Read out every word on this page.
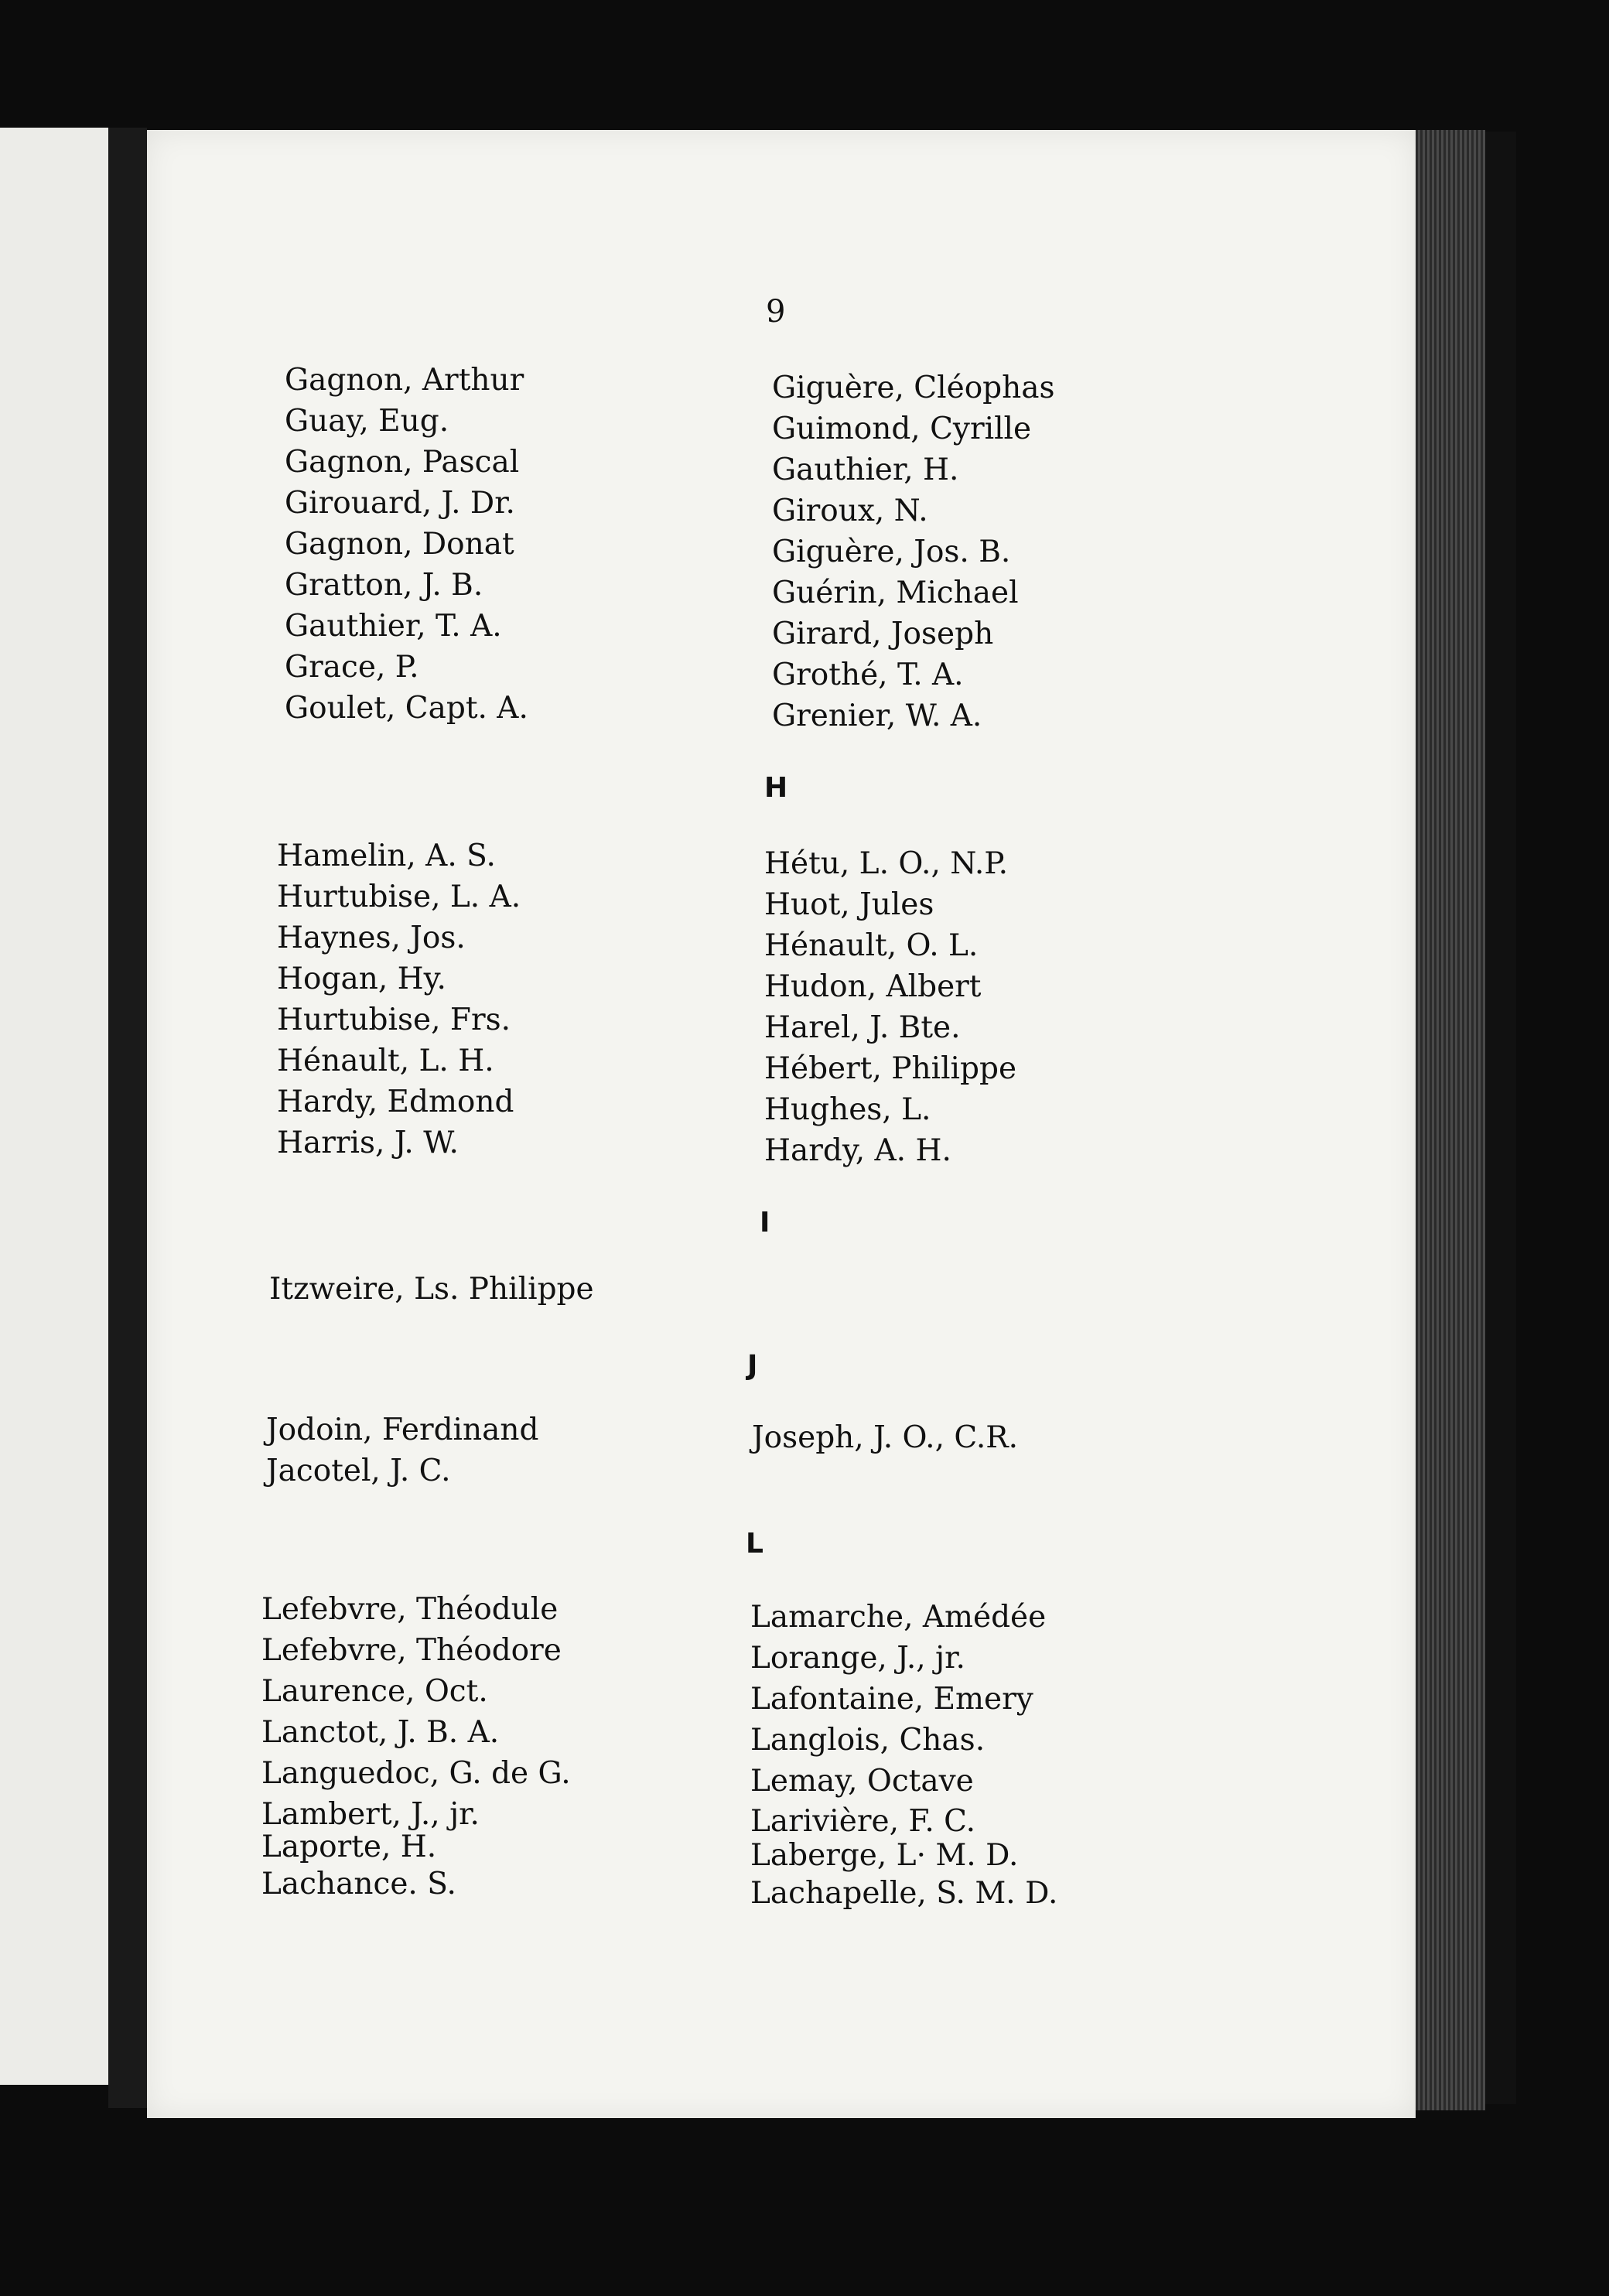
9
Gagnon, Arthur
Guay, Eug.
Gagnon, Pascal
Girouard, J. Dr.
Gagnon, Donat
Gratton, J. B.
Gauthier, T. A.
Grace, P.
Goulet, Capt. A.
Giguère, Cléophas
Guimond, Cyrille
Gauthier, H.
Giroux, N.
Giguère, Jos. B.
Guérin, Michael
Girard, Joseph
Grothé, T. A.
Grenier, W. A.
H
Hamelin, A. S.
Hurtubise, L. A.
Haynes, Jos.
Hogan, Hy.
Hurtubise, Frs.
Hénault, L. H.
Hardy, Edmond
Harris, J. W.
Hétu, L. O., N.P.
Huot, Jules
Hénault, O. L.
Hudon, Albert
Harel, J. Bte.
Hébert, Philippe
Hughes, L.
Hardy, A. H.
I
Itzweire, Ls. Philippe
J
Jodoin, Ferdinand
Jacotel, J. C.
Joseph, J. O., C.R.
L
Lefebvre, Théodule
Lefebvre, Théodore
Laurence, Oct.
Lanctot, J. B. A.
Languedoc, G. de G.
Lambert, J., jr.
Laporte, H.
Lachance. S.
Lamarche, Amédée
Lorange, J., jr.
Lafontaine, Emery
Langlois, Chas.
Lemay, Octave
Larivière, F. C.
Laberge, L· M. D.
Lachapelle, S. M. D.
